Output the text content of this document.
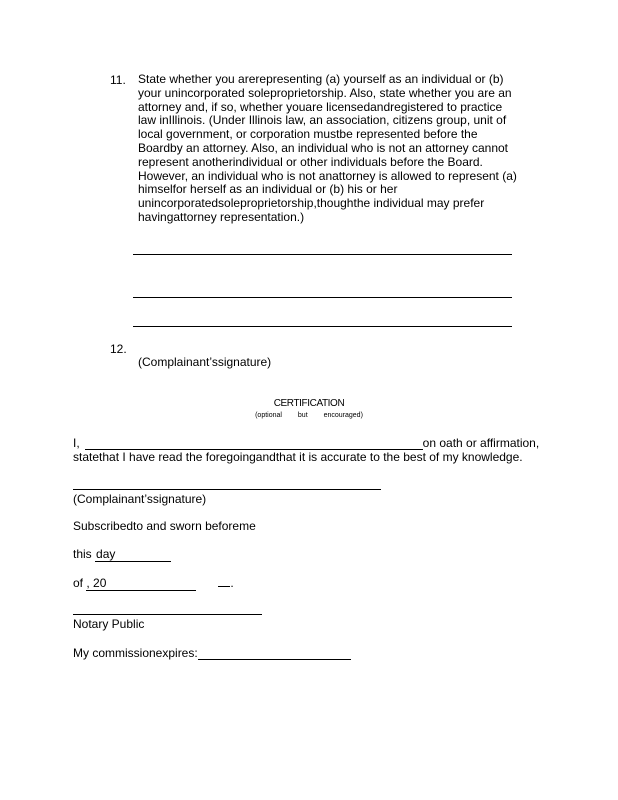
11. State whether you arerepresenting (a) yourself as an individual or (b) your unincorporated soleproprietorship. Also, state whether you are an attorney and, if so, whether youare licensedandregistered to practice law inIllinois. (Under Illinois law, an association, citizens group, unit of local government, or corporation mustbe represented before the Boardby an attorney. Also, an individual who is not an attorney cannot represent anotherindividual or other individuals before the Board. However, an individual who is not anattorney is allowed to represent (a) himselfor herself as an individual or (b) his or her unincorporatedsoleproprietorship,thoughthe individual may prefer havingattorney representation.)
12.
(Complainant’ssignature)
CERTIFICATION
(optional but encouraged)
I,	on oath or affirmation,
statethat I have read the foregoingandthat it is accurate to the best of my knowledge.
(Complainant’ssignature)
Subscribedto and sworn beforeme
this day
of , 20	.
Notary Public
My commissionexpires:
